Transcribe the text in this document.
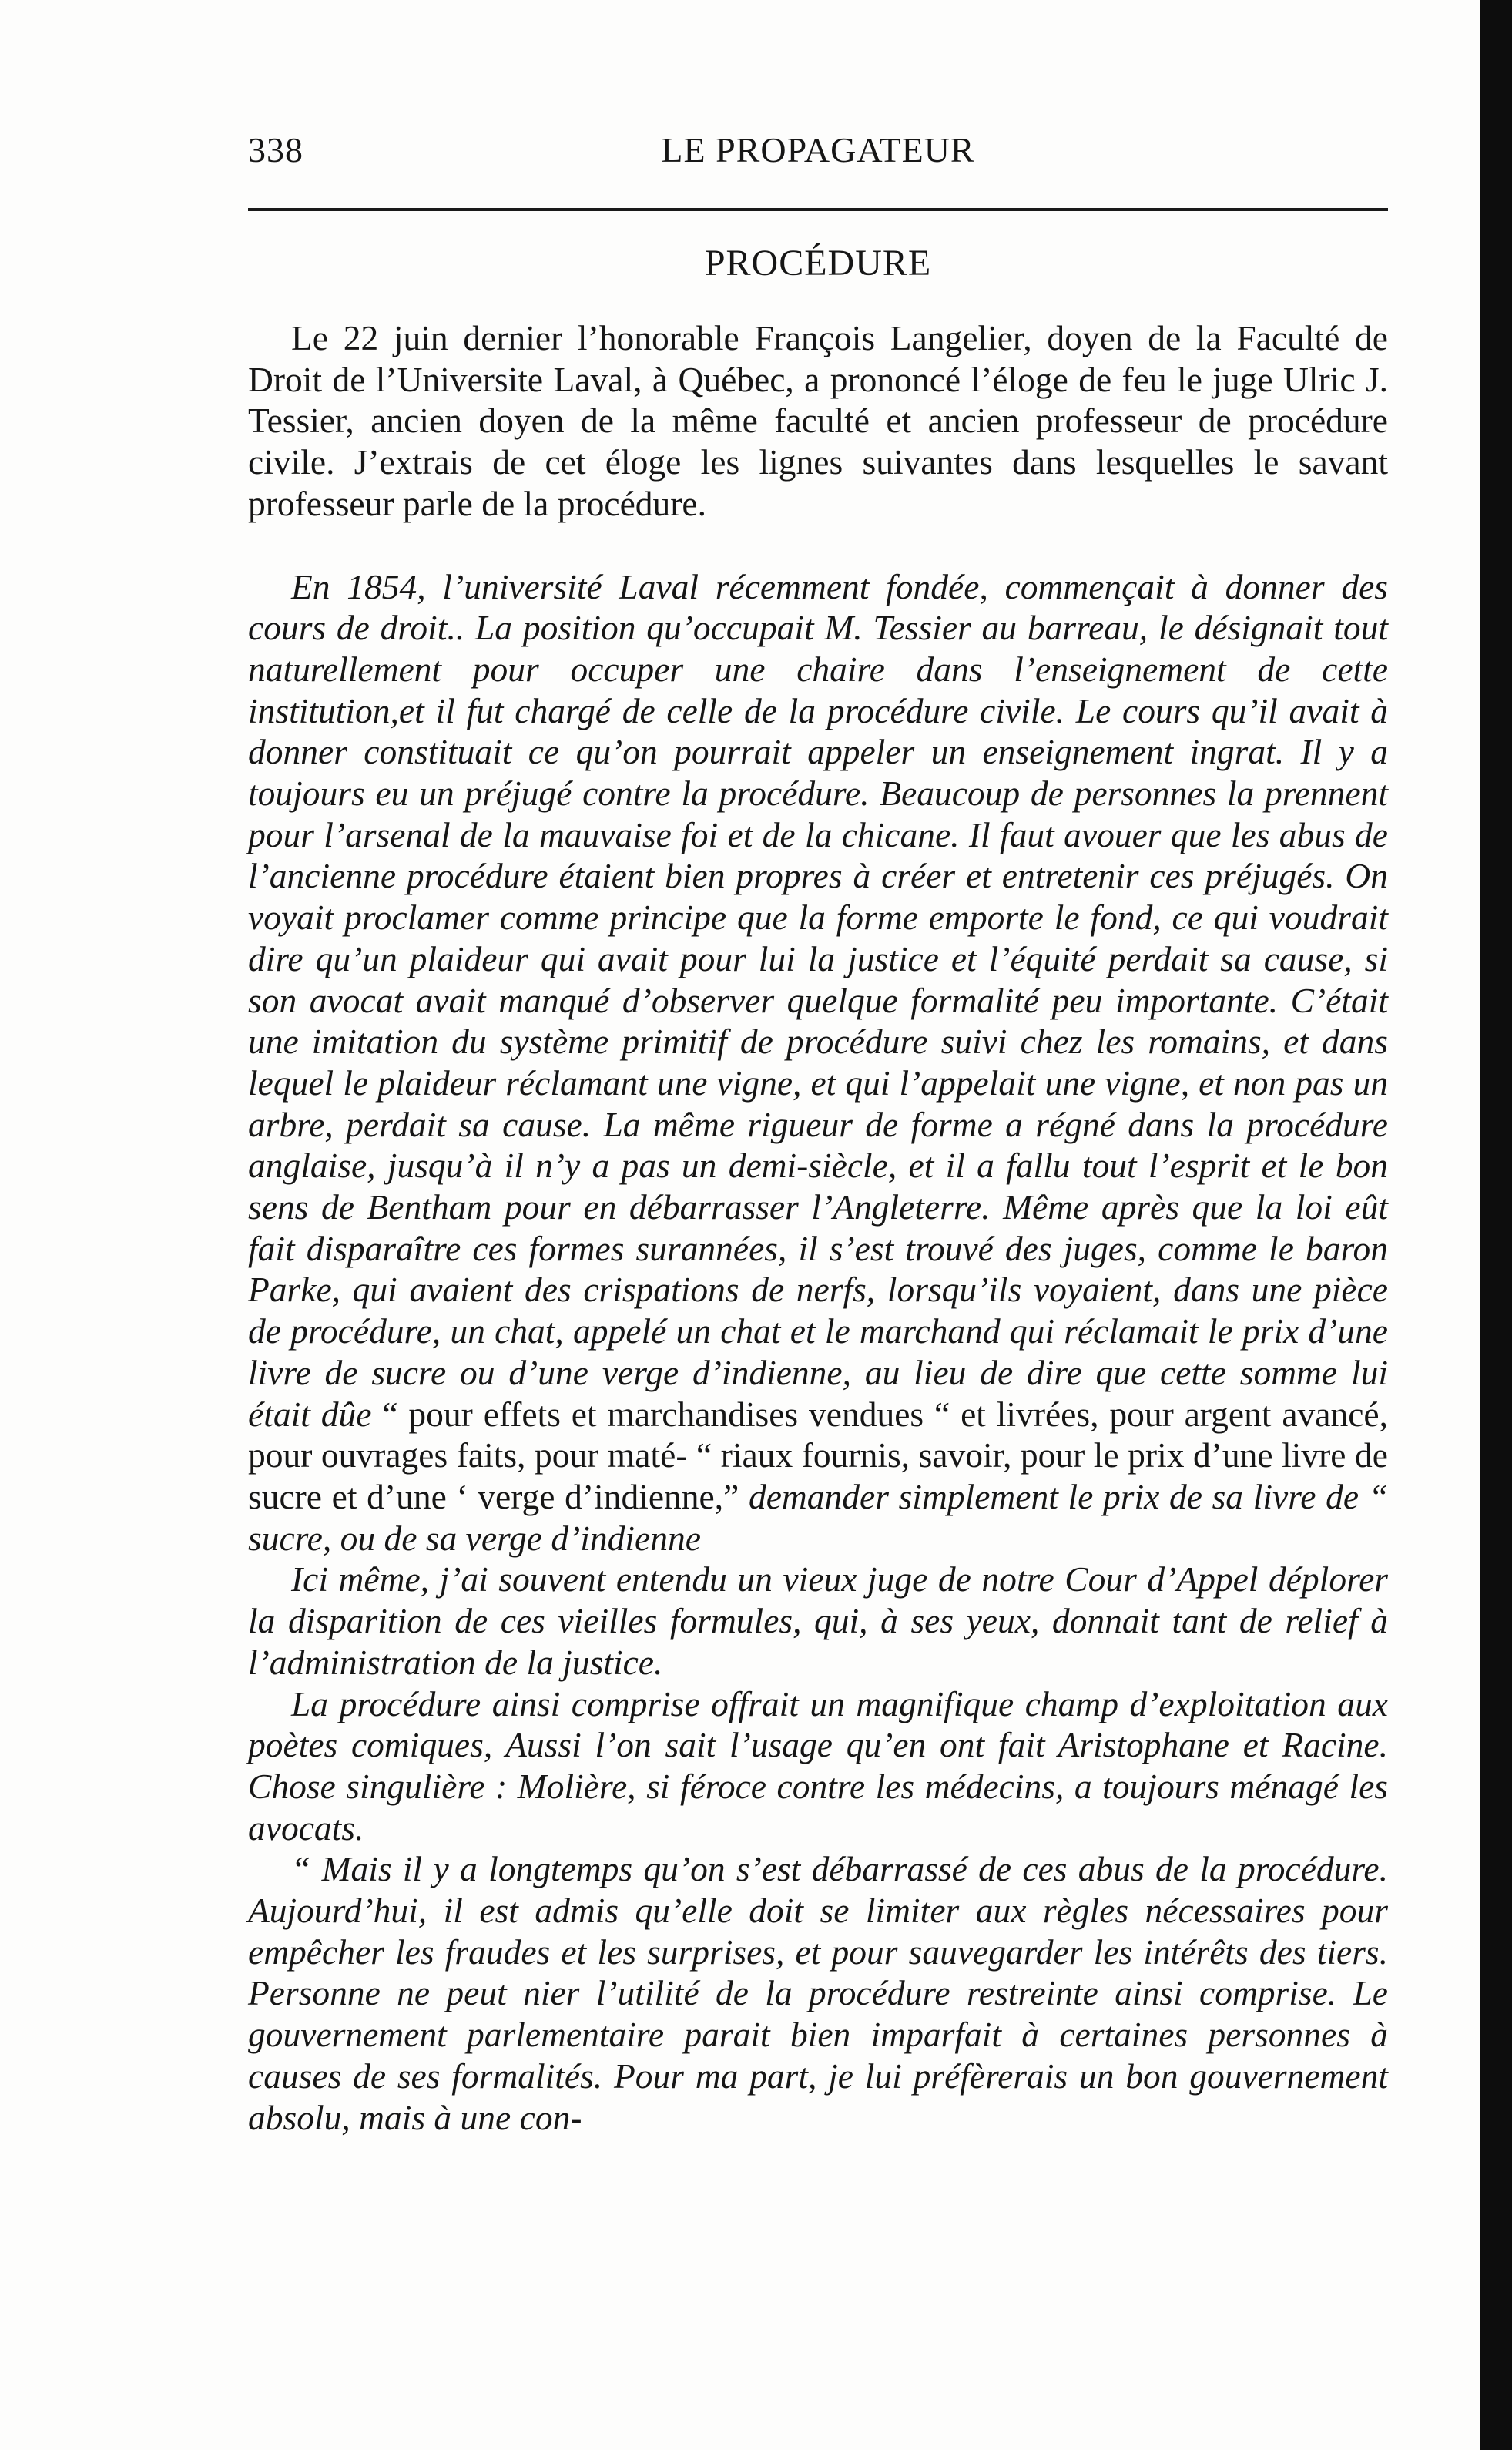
338	LE PROPAGATEUR
PROCÉDURE

Le 22 juin dernier l’honorable François Langelier, doyen de la Faculté de Droit de l’Universite Laval, à Québec, a prononcé l’éloge de feu le juge Ulric J. Tessier, ancien doyen de la même faculté et ancien professeur de procédure civile. J’extrais de cet éloge les lignes suivantes dans lesquelles le savant professeur parle de la procédure.

En 1854, l’université Laval récemment fondée, commençait à donner des cours de droit.. La position qu’occupait M. Tessier au barreau, le désignait tout naturellement pour occuper une chaire dans l’enseignement de cette institution,et il fut chargé de celle de la procédure civile. Le cours qu’il avait à donner constituait ce qu’on pourrait appeler un enseignement ingrat. Il y a toujours eu un préjugé contre la procédure. Beaucoup de personnes la prennent pour l’arsenal de la mauvaise foi et de la chicane. Il faut avouer que les abus de l’ancienne procédure étaient bien propres à créer et entretenir ces préjugés. On voyait proclamer comme principe que la forme emporte le fond, ce qui voudrait dire qu’un plaideur qui avait pour lui la justice et l’équité perdait sa cause, si son avocat avait manqué d’observer quelque formalité peu importante. C’était une imitation du système primitif de procédure suivi chez les romains, et dans lequel le plaideur réclamant une vigne, et qui l’appelait une vigne, et non pas un arbre, perdait sa cause. La même rigueur de forme a régné dans la procédure anglaise, jusqu’à il n’y a pas un demi-siècle, et il a fallu tout l’esprit et le bon sens de Bentham pour en débarrasser l’Angleterre. Même après que la loi eût fait disparaître ces formes surannées, il s’est trouvé des juges, comme le baron Parke, qui avaient des crispations de nerfs, lorsqu’ils voyaient, dans une pièce de procédure, un chat, appelé un chat et le marchand qui réclamait le prix d’une livre de sucre ou d’une verge d’indienne, au lieu de dire que cette somme lui était dûe “ pour effets et marchandises vendues “ et livrées, pour argent avancé, pour ouvrages faits, pour maté- “ riaux fournis, savoir, pour le prix d’une livre de sucre et d’une ‘ verge d’indienne,” demander simplement le prix de sa livre de “ sucre, ou de sa verge d’indienne

Ici même, j’ai souvent entendu un vieux juge de notre Cour d’Appel déplorer la disparition de ces vieilles formules, qui, à ses yeux, donnait tant de relief à l’administration de la justice.

La procédure ainsi comprise offrait un magnifique champ d’exploitation aux poètes comiques, Aussi l’on sait l’usage qu’en ont fait Aristophane et Racine. Chose singulière : Molière, si féroce contre les médecins, a toujours ménagé les avocats.

“ Mais il y a longtemps qu’on s’est débarrassé de ces abus de la procédure. Aujourd’hui, il est admis qu’elle doit se limiter aux règles nécessaires pour empêcher les fraudes et les surprises, et pour sauvegarder les intérêts des tiers. Personne ne peut nier l’utilité de la procédure restreinte ainsi comprise. Le gouvernement parlementaire parait bien imparfait à certaines personnes à causes de ses formalités. Pour ma part, je lui préfèrerais un bon gouvernement absolu, mais à une con-
